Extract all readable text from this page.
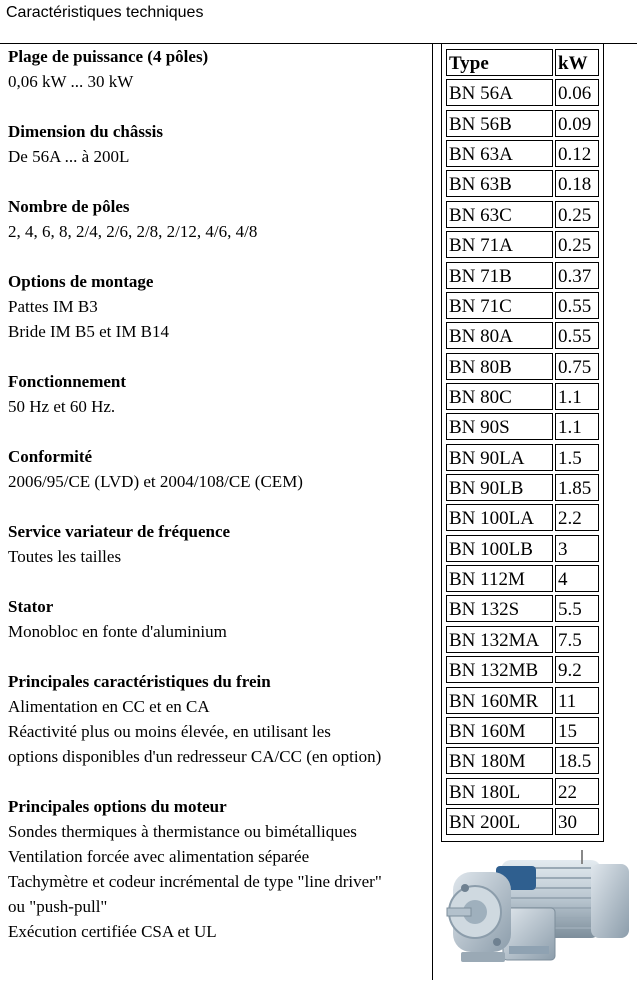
Caractéristiques techniques
Plage de puissance (4 pôles)
0,06 kW ... 30 kW
Dimension du châssis
De 56A ... à 200L
Nombre de pôles
2, 4, 6, 8, 2/4, 2/6, 2/8, 2/12, 4/6, 4/8
Options de montage
Pattes IM B3
Bride IM B5 et IM B14
Fonctionnement
50 Hz et 60 Hz.
Conformité
2006/95/CE (LVD) et 2004/108/CE (CEM)
Service variateur de fréquence
Toutes les tailles
Stator
Monobloc en fonte d'aluminium
Principales caractéristiques du frein
Alimentation en CC et en CA
Réactivité plus ou moins élevée, en utilisant les
options disponibles d'un redresseur CA/CC (en option)
Principales options du moteur
Sondes thermiques à thermistance ou bimétalliques
Ventilation forcée avec alimentation séparée
Tachymètre et codeur incrémental de type "line driver"
ou "push-pull"
Exécution certifiée CSA et UL
Type	kW
BN 56A	0.06
BN 56B	0.09
BN 63A	0.12
BN 63B	0.18
BN 63C	0.25
BN 71A	0.25
BN 71B	0.37
BN 71C	0.55
BN 80A	0.55
BN 80B	0.75
BN 80C	1.1
BN 90S	1.1
BN 90LA	1.5
BN 90LB	1.85
BN 100LA	2.2
BN 100LB	3
BN 112M	4
BN 132S	5.5
BN 132MA 7.5
BN 132MB	9.2
BN 160MR	11
BN 160M	15
BN 180M	18.5
BN 180L	22
BN 200L	30
